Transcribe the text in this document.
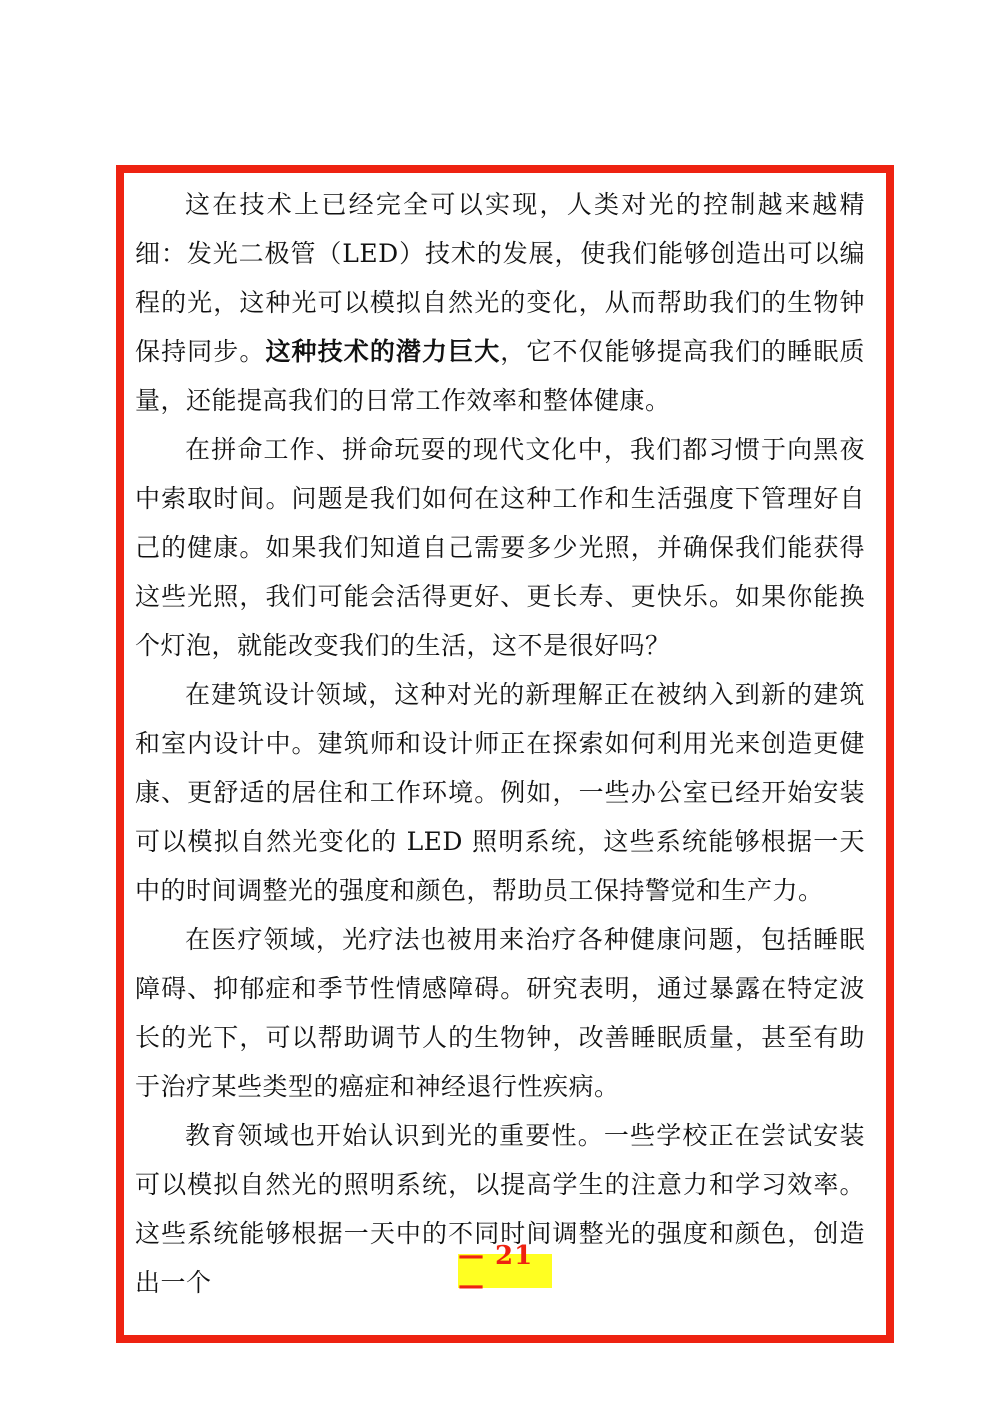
这在技术上已经完全可以实现，人类对光的控制越来越精细：发光二极管（LED）技术的发展，使我们能够创造出可以编程的光，这种光可以模拟自然光的变化，从而帮助我们的生物钟保持同步。这种技术的潜力巨大，它不仅能够提高我们的睡眠质量，还能提高我们的日常工作效率和整体健康。

在拼命工作、拼命玩耍的现代文化中，我们都习惯于向黑夜中索取时间。问题是我们如何在这种工作和生活强度下管理好自己的健康。如果我们知道自己需要多少光照，并确保我们能获得这些光照，我们可能会活得更好、更长寿、更快乐。如果你能换个灯泡，就能改变我们的生活，这不是很好吗？

在建筑设计领域，这种对光的新理解正在被纳入到新的建筑和室内设计中。建筑师和设计师正在探索如何利用光来创造更健康、更舒适的居住和工作环境。例如，一些办公室已经开始安装可以模拟自然光变化的 LED 照明系统，这些系统能够根据一天中的时间调整光的强度和颜色，帮助员工保持警觉和生产力。

在医疗领域，光疗法也被用来治疗各种健康问题，包括睡眠障碍、抑郁症和季节性情感障碍。研究表明，通过暴露在特定波长的光下，可以帮助调节人的生物钟，改善睡眠质量，甚至有助于治疗某些类型的癌症和神经退行性疾病。

教育领域也开始认识到光的重要性。一些学校正在尝试安装可以模拟自然光的照明系统，以提高学生的注意力和学习效率。这些系统能够根据一天中的不同时间调整光的强度和颜色，创造出一个

— 21 —
